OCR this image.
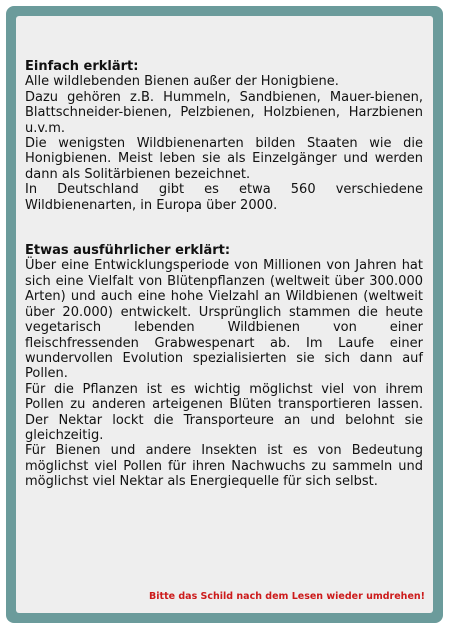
Einfach erklärt:

Alle wildlebenden Bienen außer der Honigbiene.

Dazu gehören z.B. Hummeln, Sandbienen, Mauer-bienen, Blattschneider-bienen, Pelzbienen, Holzbienen, Harzbienen u.v.m.

Die wenigsten Wildbienenarten bilden Staaten wie die Honigbienen. Meist leben sie als Einzelgänger und werden dann als Solitärbienen bezeichnet.

In Deutschland gibt es etwa 560 verschiedene Wildbienenarten, in Europa über 2000.

Etwas ausführlicher erklärt:

Über eine Entwicklungsperiode von Millionen von Jahren hat sich eine Vielfalt von Blütenpflanzen (weltweit über 300.000 Arten) und auch eine hohe Vielzahl an Wildbienen (weltweit über 20.000) entwickelt. Ursprünglich stammen die heute vegetarisch lebenden Wildbienen von einer fleischfressenden Grabwespenart ab. Im Laufe einer wundervollen Evolution spezialisierten sie sich dann auf Pollen.

Für die Pflanzen ist es wichtig möglichst viel von ihrem Pollen zu anderen arteigenen Blüten transportieren lassen. Der Nektar lockt die Transporteure an und belohnt sie gleichzeitig.

Für Bienen und andere Insekten ist es von Bedeutung möglichst viel Pollen für ihren Nachwuchs zu sammeln und möglichst viel Nektar als Energiequelle für sich selbst.

Bitte das Schild nach dem Lesen wieder umdrehen!
